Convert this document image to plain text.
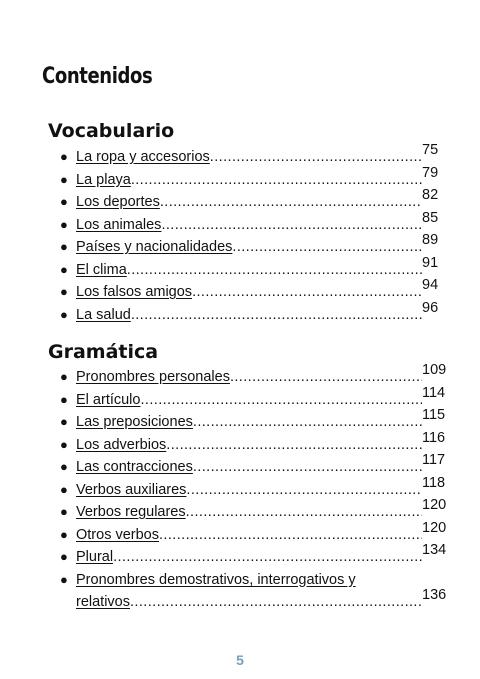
Contenidos
Vocabulario
● La ropa y accesorios .....	75
● La playa .....	79
● Los deportes .....	82
● Los animales .....	85
● Países y nacionalidades .....	89
● El clima .....	91
● Los falsos amigos .....	94
● La salud .....	96
Gramática
● Pronombres personales .....	109
● El artículo .....	114
● Las preposiciones .....	115
● Los adverbios .....	116
● Las contracciones .....	117
● Verbos auxiliares .....	118
● Verbos regulares .....	120
● Otros verbos .....	120
● Plural .....	134
● Pronombres demostrativos, interrogativos y
relativos .....	136
5
